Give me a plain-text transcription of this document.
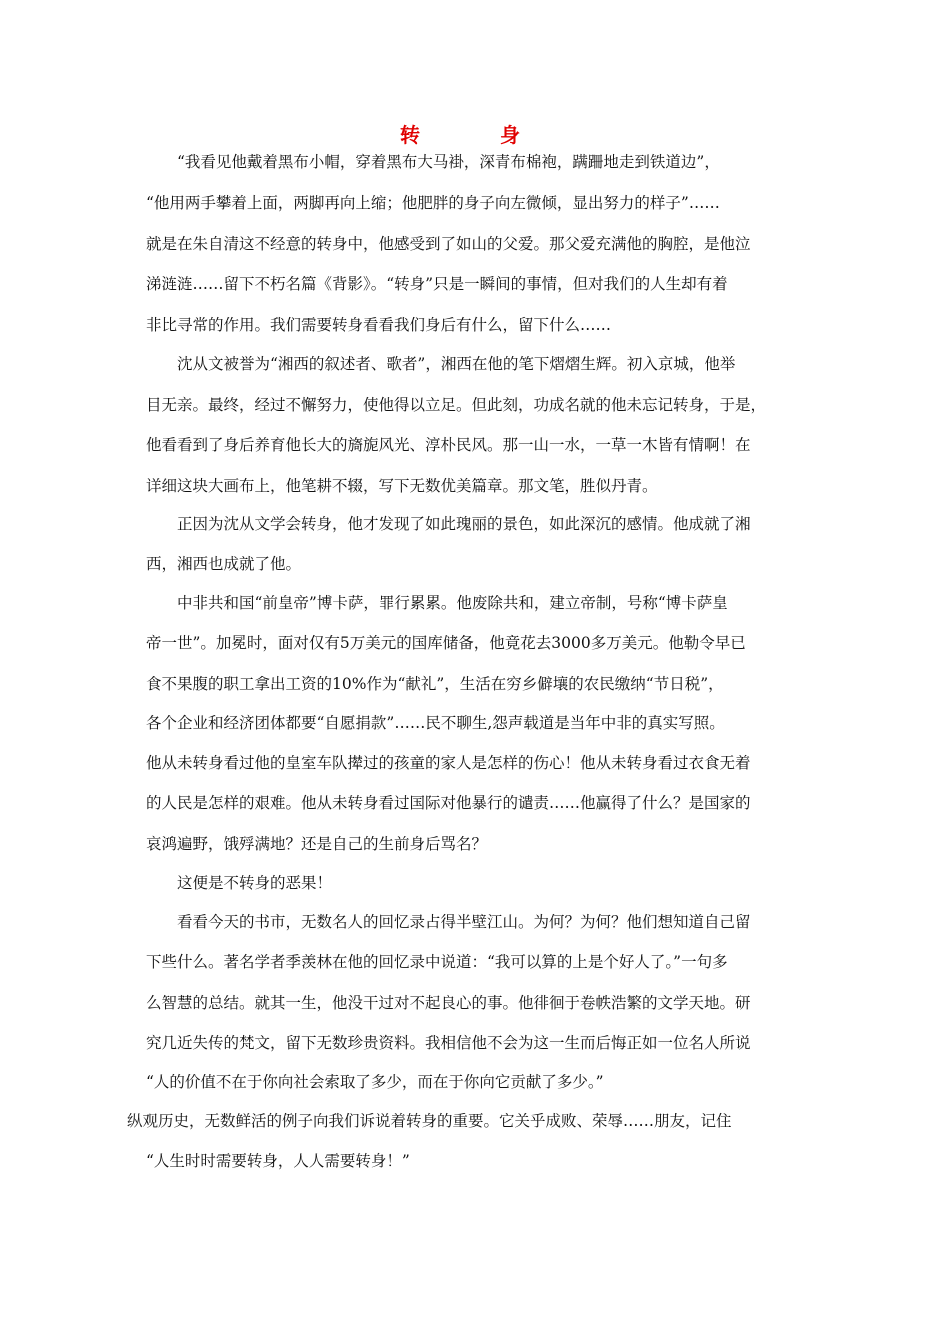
转　身
“我看见他戴着黑布小帽，穿着黑布大马褂，深青布棉袍，蹒跚地走到铁道边”，
“他用两手攀着上面，两脚再向上缩；他肥胖的身子向左微倾，显出努力的样子”……
就是在朱自清这不经意的转身中，他感受到了如山的父爱。那父爱充满他的胸腔，是他泣
涕涟涟……留下不朽名篇《背影》。“转身”只是一瞬间的事情，但对我们的人生却有着
非比寻常的作用。我们需要转身看看我们身后有什么，留下什么……
沈从文被誉为“湘西的叙述者、歌者”，湘西在他的笔下熠熠生辉。初入京城，他举
目无亲。最终，经过不懈努力，使他得以立足。但此刻，功成名就的他未忘记转身，于是，
他看看到了身后养育他长大的旖旎风光、淳朴民风。那一山一水，一草一木皆有情啊！在
详细这块大画布上，他笔耕不辍，写下无数优美篇章。那文笔，胜似丹青。
正因为沈从文学会转身，他才发现了如此瑰丽的景色，如此深沉的感情。他成就了湘
西，湘西也成就了他。
中非共和国“前皇帝”博卡萨，罪行累累。他废除共和，建立帝制，号称“博卡萨皇
帝一世”。加冕时，面对仅有5万美元的国库储备，他竟花去3000多万美元。他勒令早已
食不果腹的职工拿出工资的10%作为“献礼”，生活在穷乡僻壤的农民缴纳“节日税”，
各个企业和经济团体都要“自愿捐款”……民不聊生,怨声载道是当年中非的真实写照。
他从未转身看过他的皇室车队撵过的孩童的家人是怎样的伤心！他从未转身看过衣食无着
的人民是怎样的艰难。他从未转身看过国际对他暴行的谴责……他赢得了什么？是国家的
哀鸿遍野，饿殍满地？还是自己的生前身后骂名？
这便是不转身的恶果！
看看今天的书市，无数名人的回忆录占得半壁江山。为何？为何？他们想知道自己留
下些什么。著名学者季羡林在他的回忆录中说道：“我可以算的上是个好人了。”一句多
么智慧的总结。就其一生，他没干过对不起良心的事。他徘徊于卷帙浩繁的文学天地。研
究几近失传的梵文，留下无数珍贵资料。我相信他不会为这一生而后悔正如一位名人所说
“人的价值不在于你向社会索取了多少，而在于你向它贡献了多少。”
纵观历史，无数鲜活的例子向我们诉说着转身的重要。它关乎成败、荣辱……朋友，记住
“人生时时需要转身，人人需要转身！”
